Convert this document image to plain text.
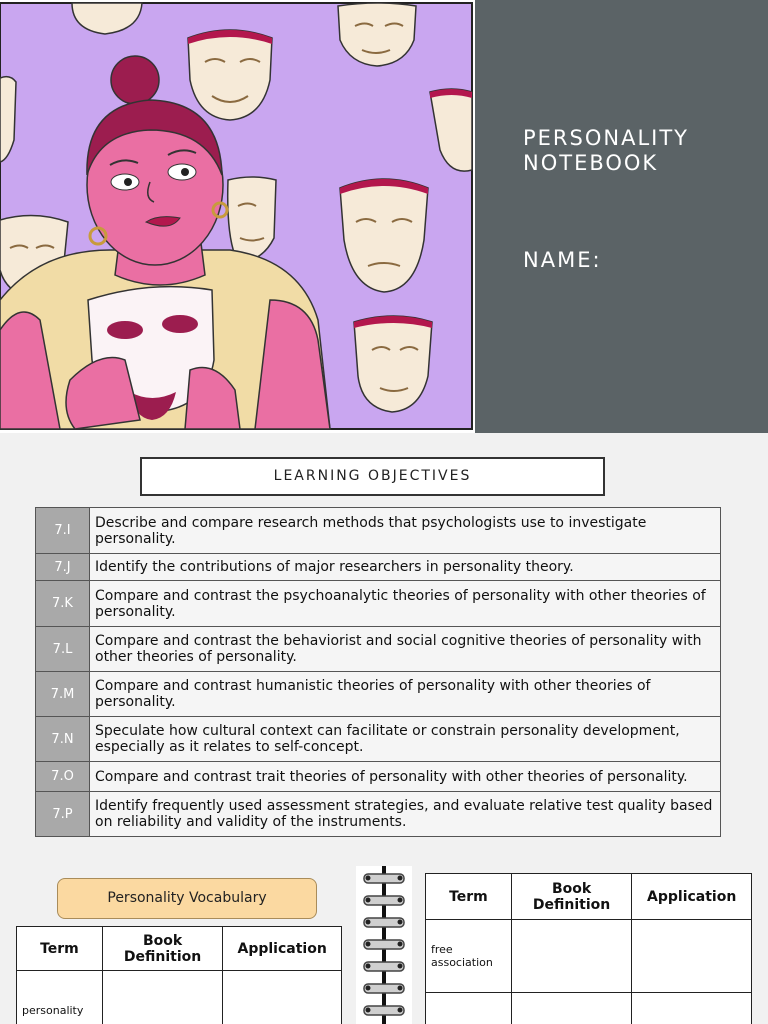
PERSONALITY NOTEBOOK
NAME:
LEARNING OBJECTIVES
7.I	Describe and compare research methods that psychologists use to investigate personality.
7.J	Identify the contributions of major researchers in personality theory.
7.K	Compare and contrast the psychoanalytic theories of personality with other theories of personality.
7.L	Compare and contrast the behaviorist and social cognitive theories of personality with other theories of personality.
7.M	Compare and contrast humanistic theories of personality with other theories of personality.
7.N	Speculate how cultural context can facilitate or constrain personality development, especially as it relates to self-concept.
7.O	Compare and contrast trait theories of personality with other theories of personality.
7.P	Identify frequently used assessment strategies, and evaluate relative test quality based on reliability and validity of the instruments.
Personality Vocabulary
Term	Book Definition	Application
personality		
Term	Book Definition	Application
free association		
